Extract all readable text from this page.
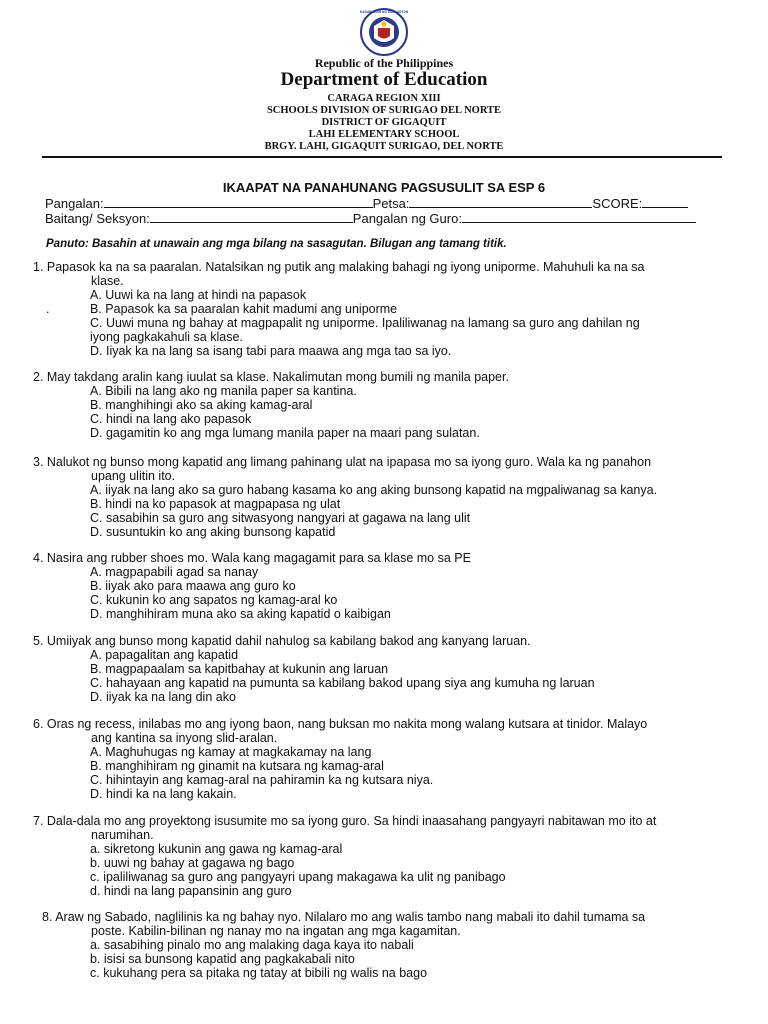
KAGAWARAN NG EDUKASYON
Republic of the Philippines
Department of Education
CARAGA REGION XIII
SCHOOLS DIVISION OF SURIGAO DEL NORTE
DISTRICT OF GIGAQUIT
LAHI ELEMENTARY SCHOOL
BRGY. LAHI, GIGAQUIT SURIGAO, DEL NORTE
IKAAPAT NA PANAHUNANG PAGSUSULIT SA ESP 6
Pangalan:	Petsa:	SCORE:
Baitang/ Seksyon:	Pangalan ng Guro:
Panuto: Basahin at unawain ang mga bilang na sasagutan. Bilugan ang tamang titik.

1. Papasok ka na sa paaralan. Natalsikan ng putik ang malaking bahagi ng iyong uniporme. Mahuhuli ka na sa

klase.

A. Uuwi ka na lang at hindi na papasok

B. Papasok ka sa paaralan kahit madumi ang uniporme

.

C. Uuwi muna ng bahay at magpapalit ng uniporme. Ipaliliwanag na lamang sa guro ang dahilan ng

iyong pagkakahuli sa klase.

D. Iiyak ka na lang sa isang tabi para maawa ang mga tao sa iyo.

2. May takdang aralin kang iuulat sa klase. Nakalimutan mong bumili ng manila paper.

A. Bibili na lang ako ng manila paper sa kantina.

B. manghihingi ako sa aking kamag-aral

C. hindi na lang ako papasok

D. gagamitin ko ang mga lumang manila paper na maari pang sulatan.

3. Nalukot ng bunso mong kapatid ang limang pahinang ulat na ipapasa mo sa iyong guro. Wala ka ng panahon

upang ulitin ito.

A. iiyak na lang ako sa guro habang kasama ko ang aking bunsong kapatid na mgpaliwanag sa kanya.

B. hindi na ko papasok at magpapasa ng ulat

C. sasabihin sa guro ang sitwasyong nangyari at gagawa na lang ulit

D. susuntukin ko ang aking bunsong kapatid

4. Nasira ang rubber shoes mo. Wala kang magagamit para sa klase mo sa PE

A. magpapabili agad sa nanay

B. iiyak ako para maawa ang guro ko

C. kukunin ko ang sapatos ng kamag-aral ko

D. manghihiram muna ako sa aking kapatid o kaibigan

5. Umiiyak ang bunso mong kapatid dahil nahulog sa kabilang bakod ang kanyang laruan.

A. papagalitan ang kapatid

B. magpapaalam sa kapitbahay at kukunin ang laruan

C. hahayaan ang kapatid na pumunta sa kabilang bakod upang siya ang kumuha ng laruan

D. iiyak ka na lang din ako

6. Oras ng recess, inilabas mo ang iyong baon, nang buksan mo nakita mong walang kutsara at tinidor. Malayo

ang kantina sa inyong slid-aralan.

A. Maghuhugas ng kamay at magkakamay na lang

B. manghihiram ng ginamit na kutsara ng kamag-aral

C. hihintayin ang kamag-aral na pahiramin ka ng kutsara niya.

D. hindi ka na lang kakain.

7. Dala-dala mo ang proyektong isusumite mo sa iyong guro. Sa hindi inaasahang pangyayri nabitawan mo ito at

narumihan.

a. sikretong kukunin ang gawa ng kamag-aral

b. uuwi ng bahay at gagawa ng bago

c. ipaliliwanag sa guro ang pangyayri upang makagawa ka ulit ng panibago

d. hindi na lang papansinin ang guro

8. Araw ng Sabado, naglilinis ka ng bahay nyo. Nilalaro mo ang walis tambo nang mabali ito dahil tumama sa

poste. Kabilin-bilinan ng nanay mo na ingatan ang mga kagamitan.

a. sasabihing pinalo mo ang malaking daga kaya ito nabali

b. isisi sa bunsong kapatid ang pagkakabali nito

c. kukuhang pera sa pitaka ng tatay at bibili ng walis na bago
